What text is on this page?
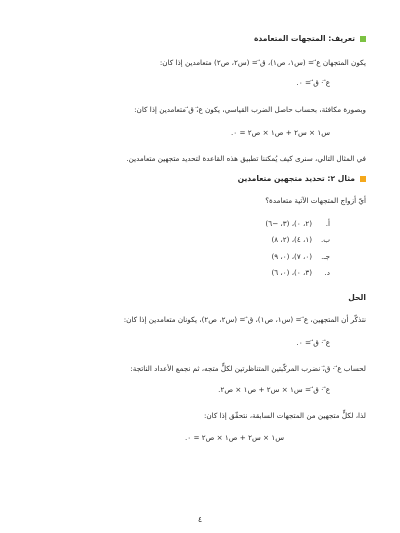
تعريف: المتجهات المتعامدة
يكون المتجهان ع⃗ = (س١، ص١)، ق⃗ = (س٢، ص٢) متعامدين إذا كان:
ع⃗ · ق⃗ = ٠.
وبصورة مكافئة، بحساب حاصل الضرب القياسي، يكون ع⃗، ق⃗ متعامدين إذا كان:
س١ × س٢ + ص١ × ص٢ = ٠.
في المثال التالي، سنرى كيف يُمكننا تطبيق هذه القاعدة لتحديد متجهين متعامدين.
مثال ٢: تحديد متجهين متعامدين
أيّ أزواج المتجهات الآتية متعامدة؟
أ.(٢، ٠)، (٣، −٦)
ب.(١، ٤)، (٢، ٨)
جـ.(٠، ٧)، (٠، ٩)
د.(٣، ٠)، (٠، ٦)
الحل
نتذكّر أن المتجهين، ع⃗ = (س١، ص١)، ق⃗ = (س٢، ص٢)، يكونان متعامدين إذا كان:
ع⃗ · ق⃗ = ٠.
لحساب ع⃗ · ق⃗، نضرب المركّبتين المتناظرتين لكلٍّ متجه، ثم نجمع الأعداد الناتجة:
ع⃗ · ق⃗ = س١ × س٢ + ص١ × ص٢.
لذا، لكلٍّ متجهين من المتجهات السابقة، نتحقّق إذا كان:
س١ × س٢ + ص١ × ص٢ = ٠.
٤
